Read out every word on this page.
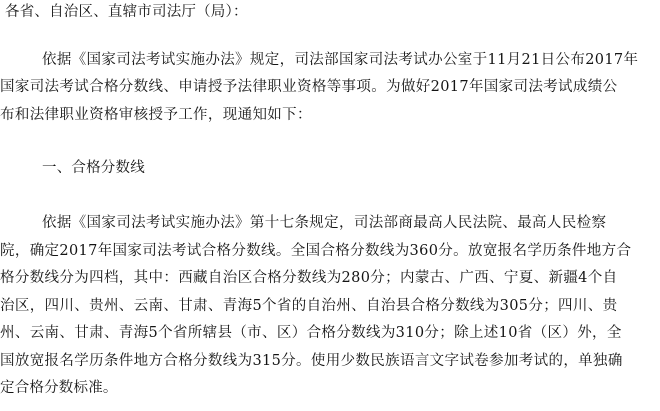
各省、自治区、直辖市司法厅（局）：
依据《国家司法考试实施办法》规定，司法部国家司法考试办公室于11月21日公布2017年
国家司法考试合格分数线、申请授予法律职业资格等事项。为做好2017年国家司法考试成绩公
布和法律职业资格审核授予工作，现通知如下：
一、合格分数线
依据《国家司法考试实施办法》第十七条规定，司法部商最高人民法院、最高人民检察
院，确定2017年国家司法考试合格分数线。全国合格分数线为360分。放宽报名学历条件地方合
格分数线分为四档，其中：西藏自治区合格分数线为280分；内蒙古、广西、宁夏、新疆4个自
治区，四川、贵州、云南、甘肃、青海5个省的自治州、自治县合格分数线为305分；四川、贵
州、云南、甘肃、青海5个省所辖县（市、区）合格分数线为310分；除上述10省（区）外，全
国放宽报名学历条件地方合格分数线为315分。使用少数民族语言文字试卷参加考试的，单独确
定合格分数标准。
